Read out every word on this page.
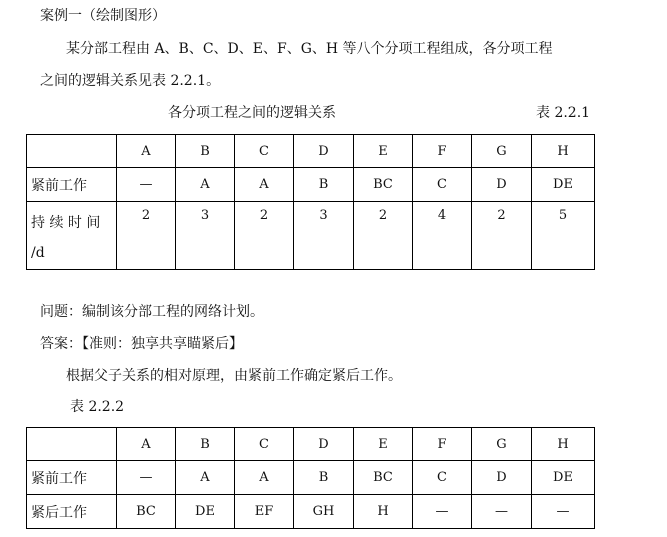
案例一（绘制图形）
某分部工程由 A、B、C、D、E、F、G、H 等八个分项工程组成，各分项工程
之间的逻辑关系见表 2.2.1。
各分项工程之间的逻辑关系	表 2.2.1
	A	B	C	D	E	F	G	H
紧前工作	—	A	A	B	BC	C	D	DE

持 续 时 间
/d	2	3	2	3	2	4	2	5
问题：编制该分部工程的网络计划。
答案：【准则：独享共享瞄紧后】
根据父子关系的相对原理，由紧前工作确定紧后工作。
表 2.2.2
	A	B	C	D	E	F	G	H
紧前工作	—	A	A	B	BC	C	D	DE
紧后工作	BC	DE	EF	GH	H	—	—	—
